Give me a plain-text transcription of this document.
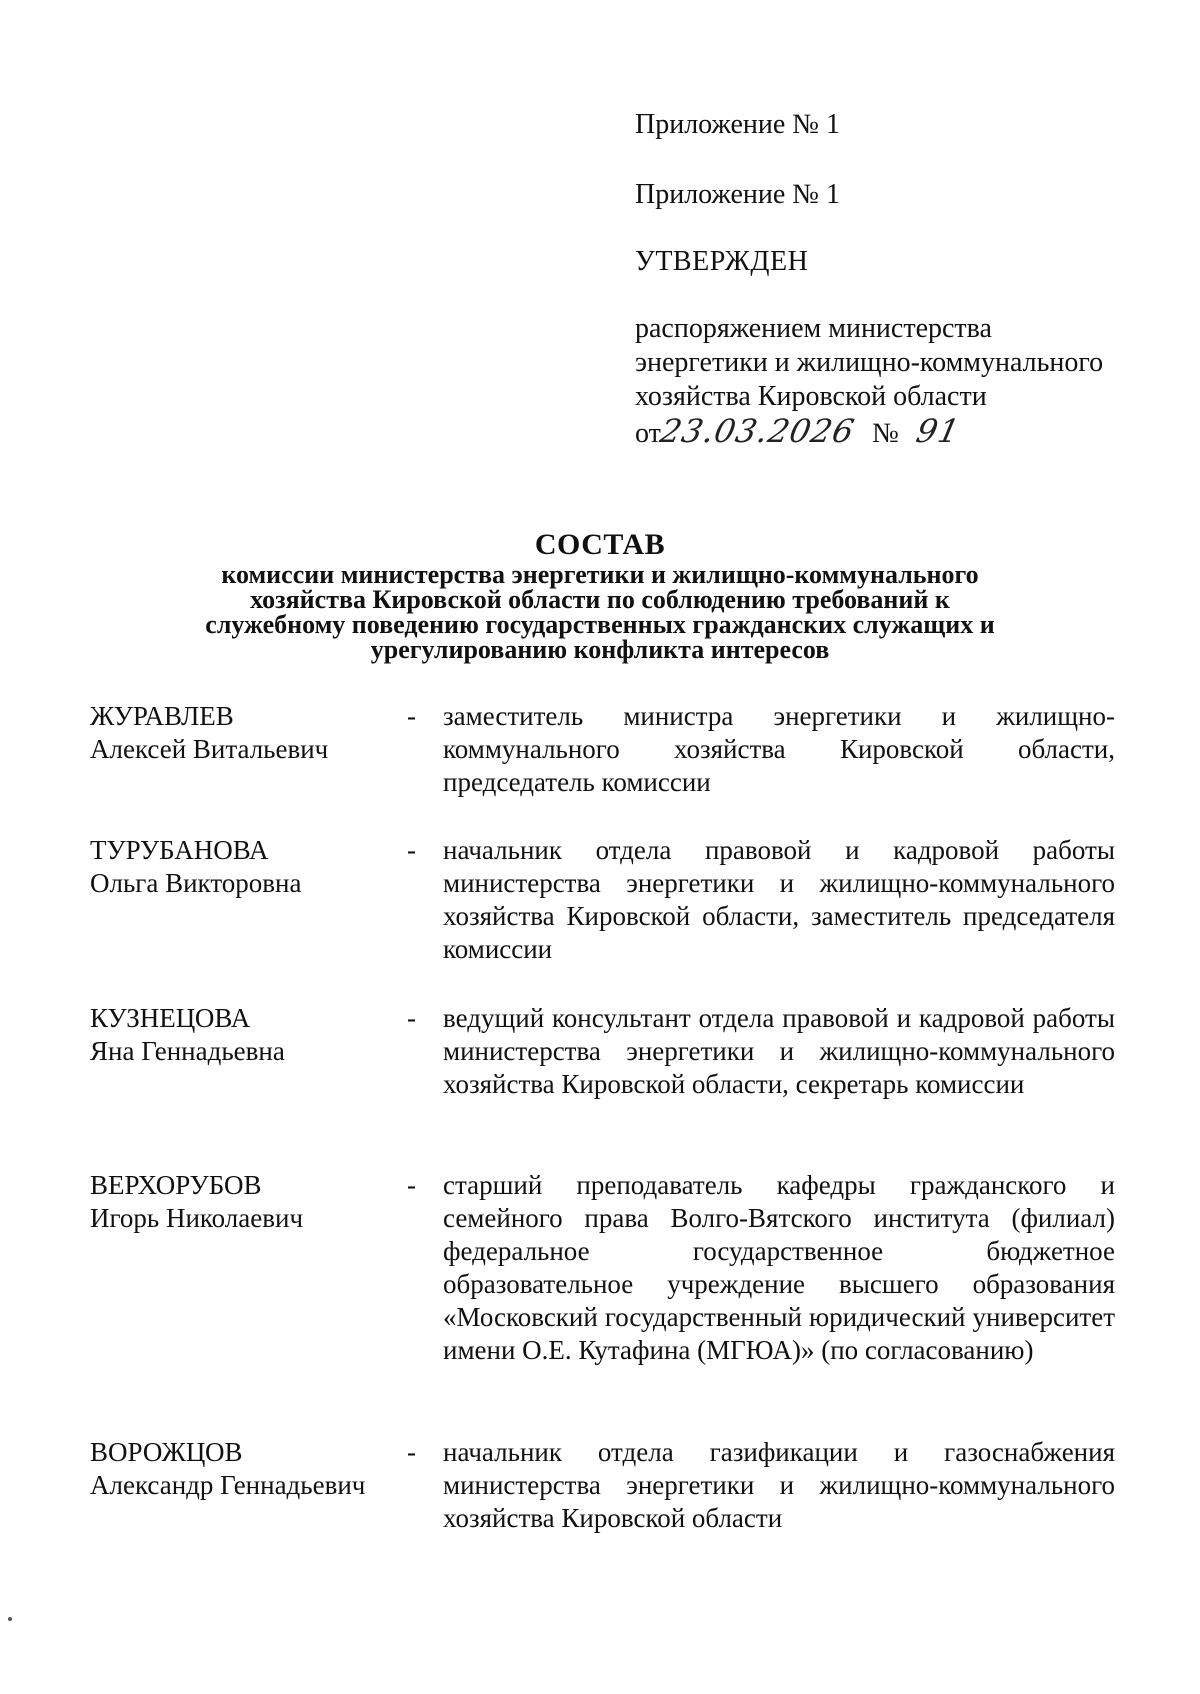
Приложение № 1
Приложение № 1
УТВЕРЖДЕН
распоряжением министерства
энергетики и жилищно-коммунального
хозяйства Кировской области
от23.03.2026 № 91
СОСТАВ
комиссии министерства энергетики и жилищно-коммунального
хозяйства Кировской области по соблюдению требований к
служебному поведению государственных гражданских служащих и
урегулированию конфликта интересов
ЖУРАВЛЕВ
Алексей Витальевич
- заместитель министра энергетики и жилищно-коммунального хозяйства Кировской области, председатель комиссии
ТУРУБАНОВА
Ольга Викторовна
- начальник отдела правовой и кадровой работы министерства энергетики и жилищно-коммунального хозяйства Кировской области, заместитель председателя комиссии
КУЗНЕЦОВА
Яна Геннадьевна
- ведущий консультант отдела правовой и кадровой работы министерства энергетики и жилищно-коммунального хозяйства Кировской области, секретарь комиссии
ВЕРХОРУБОВ
Игорь Николаевич
- старший преподаватель кафедры гражданского и семейного права Волго-Вятского института (филиал) федеральное государственное бюджетное образовательное учреждение высшего образования «Московский государственный юридический университет имени О.Е. Кутафина (МГЮА)» (по согласованию)
ВОРОЖЦОВ
Александр Геннадьевич
- начальник отдела газификации и газоснабжения министерства энергетики и жилищно-коммунального хозяйства Кировской области
